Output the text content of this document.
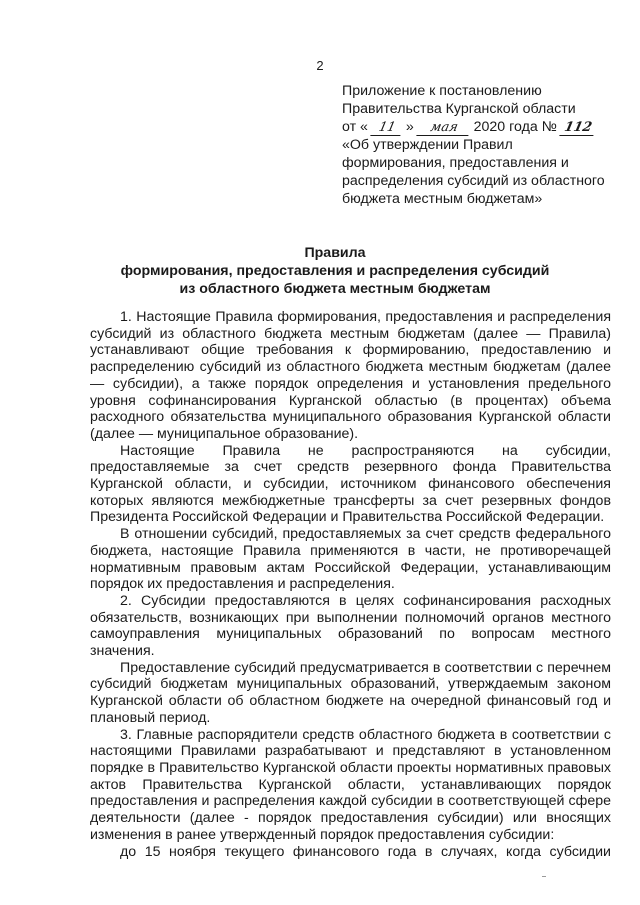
2
Приложение к постановлению
Правительства Курганской области
от « 11 » мая 2020 года № 112
«Об утверждении Правил формирования, предоставления и распределения субсидий из областного бюджета местным бюджетам»
Правила
формирования, предоставления и распределения субсидий
из областного бюджета местным бюджетам

1. Настоящие Правила формирования, предоставления и распределения субсидий из областного бюджета местным бюджетам (далее — Правила) устанавливают общие требования к формированию, предоставлению и распределению субсидий из областного бюджета местным бюджетам (далее — субсидии), а также порядок определения и установления предельного уровня софинансирования Курганской областью (в процентах) объема расходного обязательства муниципального образования Курганской области (далее — муниципальное образование).

Настоящие Правила не распространяются на субсидии, предоставляемые за счет средств резервного фонда Правительства Курганской области, и субсидии, источником финансового обеспечения которых являются межбюджетные трансферты за счет резервных фондов Президента Российской Федерации и Правительства Российской Федерации.

В отношении субсидий, предоставляемых за счет средств федерального бюджета, настоящие Правила применяются в части, не противоречащей нормативным правовым актам Российской Федерации, устанавливающим порядок их предоставления и распределения.

2. Субсидии предоставляются в целях софинансирования расходных обязательств, возникающих при выполнении полномочий органов местного самоуправления муниципальных образований по вопросам местного значения.

Предоставление субсидий предусматривается в соответствии с перечнем субсидий бюджетам муниципальных образований, утверждаемым законом Курганской области об областном бюджете на очередной финансовый год и плановый период.

3. Главные распорядители средств областного бюджета в соответствии с настоящими Правилами разрабатывают и представляют в установленном порядке в Правительство Курганской области проекты нормативных правовых актов Правительства Курганской области, устанавливающих порядок предоставления и распределения каждой субсидии в соответствующей сфере деятельности (далее - порядок предоставления субсидии) или вносящих изменения в ранее утвержденный порядок предоставления субсидии:

до 15 ноября текущего финансового года в случаях, когда субсидии
